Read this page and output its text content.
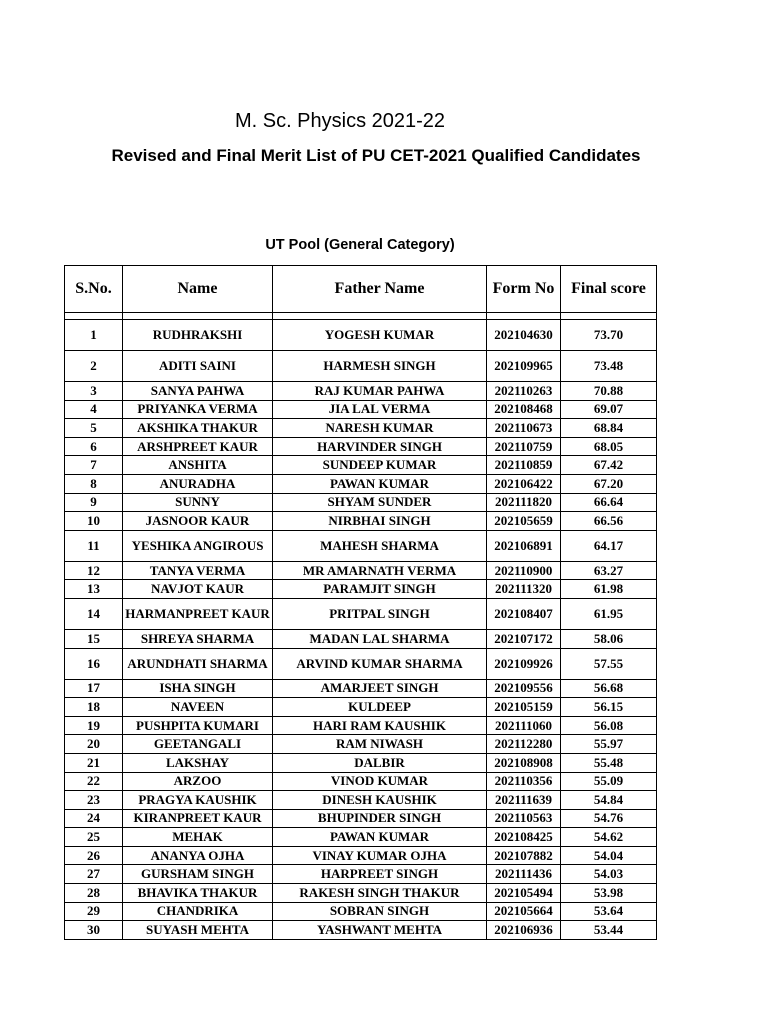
M. Sc. Physics 2021-22
Revised and Final Merit List of PU CET-2021 Qualified Candidates
UT Pool (General Category)
S.No.	Name	Father Name	Form No	Final score

1	RUDHRAKSHI	YOGESH KUMAR	202104630	73.70
2	ADITI SAINI	HARMESH SINGH	202109965	73.48
3	SANYA PAHWA	RAJ KUMAR PAHWA	202110263	70.88
4	PRIYANKA VERMA	JIA LAL VERMA	202108468	69.07
5	AKSHIKA THAKUR	NARESH KUMAR	202110673	68.84
6	ARSHPREET KAUR	HARVINDER SINGH	202110759	68.05
7	ANSHITA	SUNDEEP KUMAR	202110859	67.42
8	ANURADHA	PAWAN KUMAR	202106422	67.20
9	SUNNY	SHYAM SUNDER	202111820	66.64
10	JASNOOR KAUR	NIRBHAI SINGH	202105659	66.56
11	YESHIKA ANGIROUS	MAHESH SHARMA	202106891	64.17
12	TANYA VERMA	MR AMARNATH VERMA	202110900	63.27
13	NAVJOT KAUR	PARAMJIT SINGH	202111320	61.98
14	HARMANPREET KAUR	PRITPAL SINGH	202108407	61.95
15	SHREYA SHARMA	MADAN LAL SHARMA	202107172	58.06
16	ARUNDHATI SHARMA	ARVIND KUMAR SHARMA	202109926	57.55
17	ISHA SINGH	AMARJEET SINGH	202109556	56.68
18	NAVEEN	KULDEEP	202105159	56.15
19	PUSHPITA KUMARI	HARI RAM KAUSHIK	202111060	56.08
20	GEETANGALI	RAM NIWASH	202112280	55.97
21	LAKSHAY	DALBIR	202108908	55.48
22	ARZOO	VINOD KUMAR	202110356	55.09
23	PRAGYA KAUSHIK	DINESH KAUSHIK	202111639	54.84
24	KIRANPREET KAUR	BHUPINDER SINGH	202110563	54.76
25	MEHAK	PAWAN KUMAR	202108425	54.62
26	ANANYA OJHA	VINAY KUMAR OJHA	202107882	54.04
27	GURSHAM SINGH	HARPREET SINGH	202111436	54.03
28	BHAVIKA THAKUR	RAKESH SINGH THAKUR	202105494	53.98
29	CHANDRIKA	SOBRAN SINGH	202105664	53.64
30	SUYASH MEHTA	YASHWANT MEHTA	202106936	53.44
